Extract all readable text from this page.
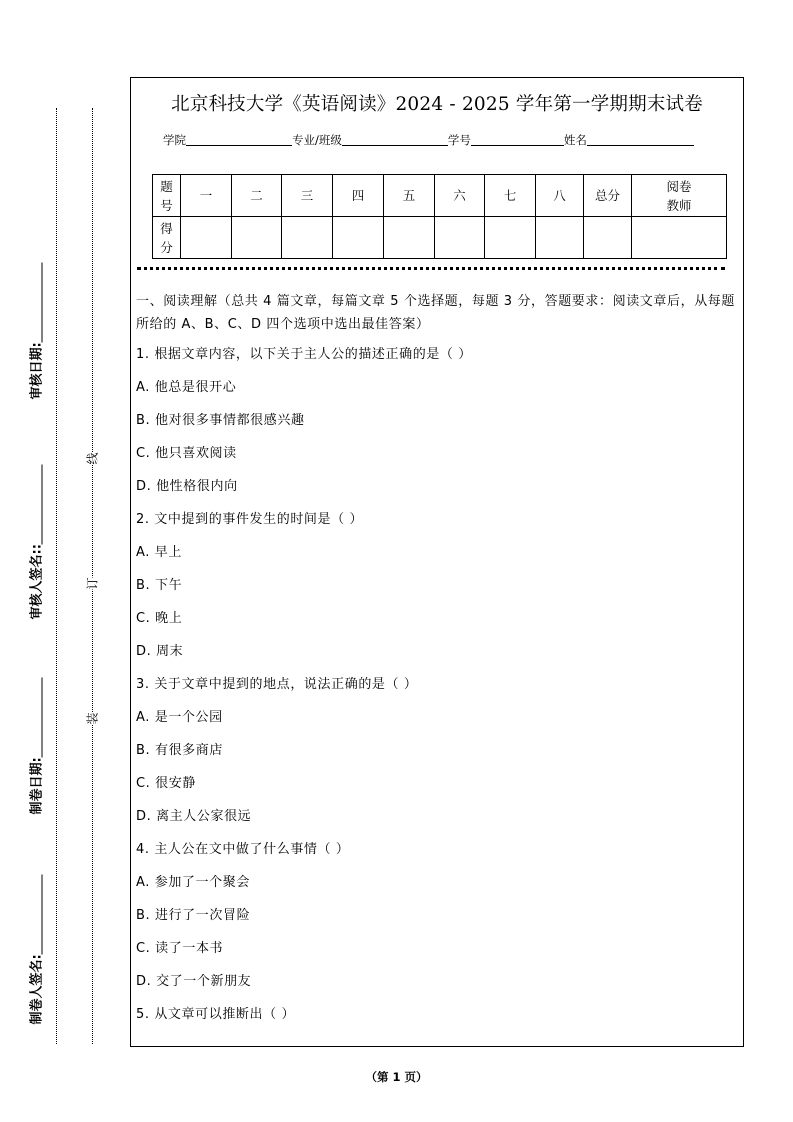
审核日期:
审核人签名::
制卷日期:
制卷人签名:
线
订
装
北京科技大学《英语阅读》2024 - 2025 学年第一学期期末试卷
学院	专业/班级	学号	姓名
题号	一	二	三	四	五	六	七	八	总分	阅卷教师

得分										

一、阅读理解（总共 4 篇文章，每篇文章 5 个选择题，每题 3 分，答题要求：阅读文章后，从每题所给的 A、B、C、D 四个选项中选出最佳答案）
1. 根据文章内容，以下关于主人公的描述正确的是（ ）
A. 他总是很开心
B. 他对很多事情都很感兴趣
C. 他只喜欢阅读
D. 他性格很内向
2. 文中提到的事件发生的时间是（ ）
A. 早上
B. 下午
C. 晚上
D. 周末
3. 关于文章中提到的地点，说法正确的是（ ）
A. 是一个公园
B. 有很多商店
C. 很安静
D. 离主人公家很远
4. 主人公在文中做了什么事情（ ）
A. 参加了一个聚会
B. 进行了一次冒险
C. 读了一本书
D. 交了一个新朋友
5. 从文章可以推断出（ ）
（第 1 页）
